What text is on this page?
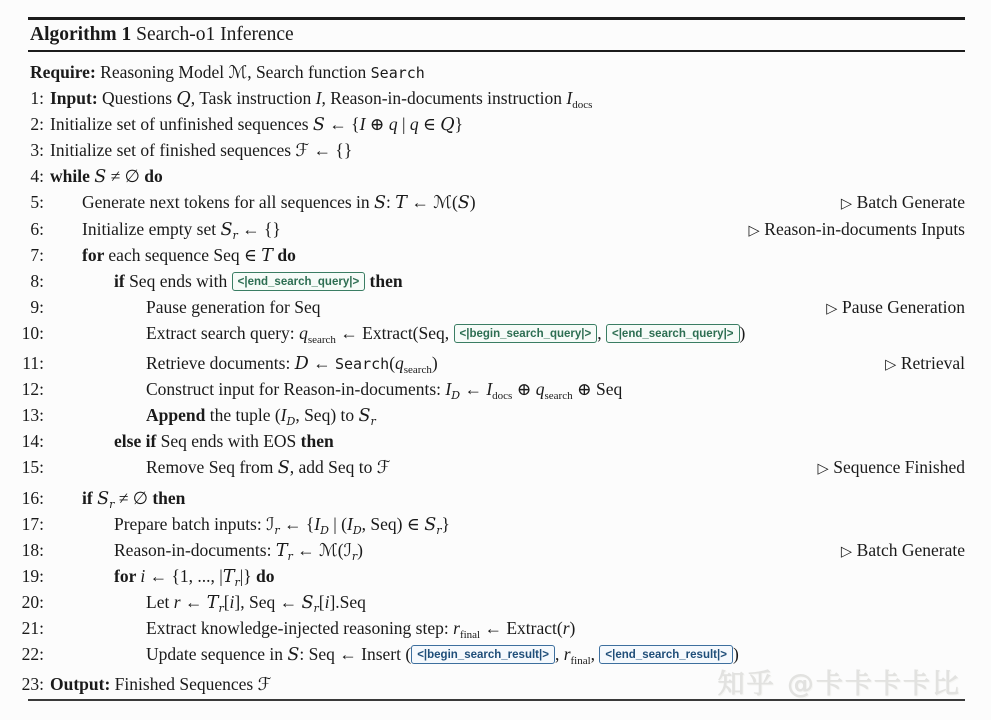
Algorithm 1 Search-o1 Inference
Require: Reasoning Model ℳ, Search function Search
1: Input: Questions Q, Task instruction I, Reason-in-documents instruction $I_{docs}$
2: Initialize set of unfinished sequences S ← {I ⊕ q | q ∈ Q}
3: Initialize set of finished sequences ℱ ← {}
4: while S ≠ ∅ do
5: Generate next tokens for all sequences in S: T ← ℳ(S)	▷ Batch Generate
6: Initialize empty set $S_r$ ← {}	▷ Reason-in-documents Inputs
7: for each sequence Seq ∈ T do
8:	if Seq ends with <|end_search_query|> then
9:	Pause generation for Seq	▷ Pause Generation
10:	Extract search query: $q_{search}$ ← Extract(Seq, <|begin_search_query|> , <|end_search_query|> )
11:	Retrieve documents: D ← $Search(q_{search})$	▷ Retrieval
12:	Construct input for Reason-in-documents: $I_D$ ← $I_{docs}$ ⊕ $q_{search}$ ⊕ Seq
13:	Append the tuple ($I_D$, Seq) to $S_r$
14:	else if Seq ends with EOS then
15:	Remove Seq from S, add Seq to ℱ	▷ Sequence Finished
16: if $S_r$ ≠ ∅ then
17:	Prepare batch inputs: ℐ$_r$ ← {$I_D$ | ($I_D$, Seq) ∈ $S_r$}
18:	Reason-in-documents: $T_r$ ← ℳ(ℐ$_r$)	▷ Batch Generate
19:	for i ← {1, ..., $|T_r|$} do
20:	Let r ← $T_r[i]$, Seq ← $S_r[i].Seq$
21:	Extract knowledge-injected reasoning step: $r_{final}$ ← Extract(r)
22:	Update sequence in S: Seq ← Insert ( <|begin_search_result|> , $r_{final}$, <|end_search_result|> )
23: Output: Finished Sequences ℱ	知乎 @卡卡卡卡比
